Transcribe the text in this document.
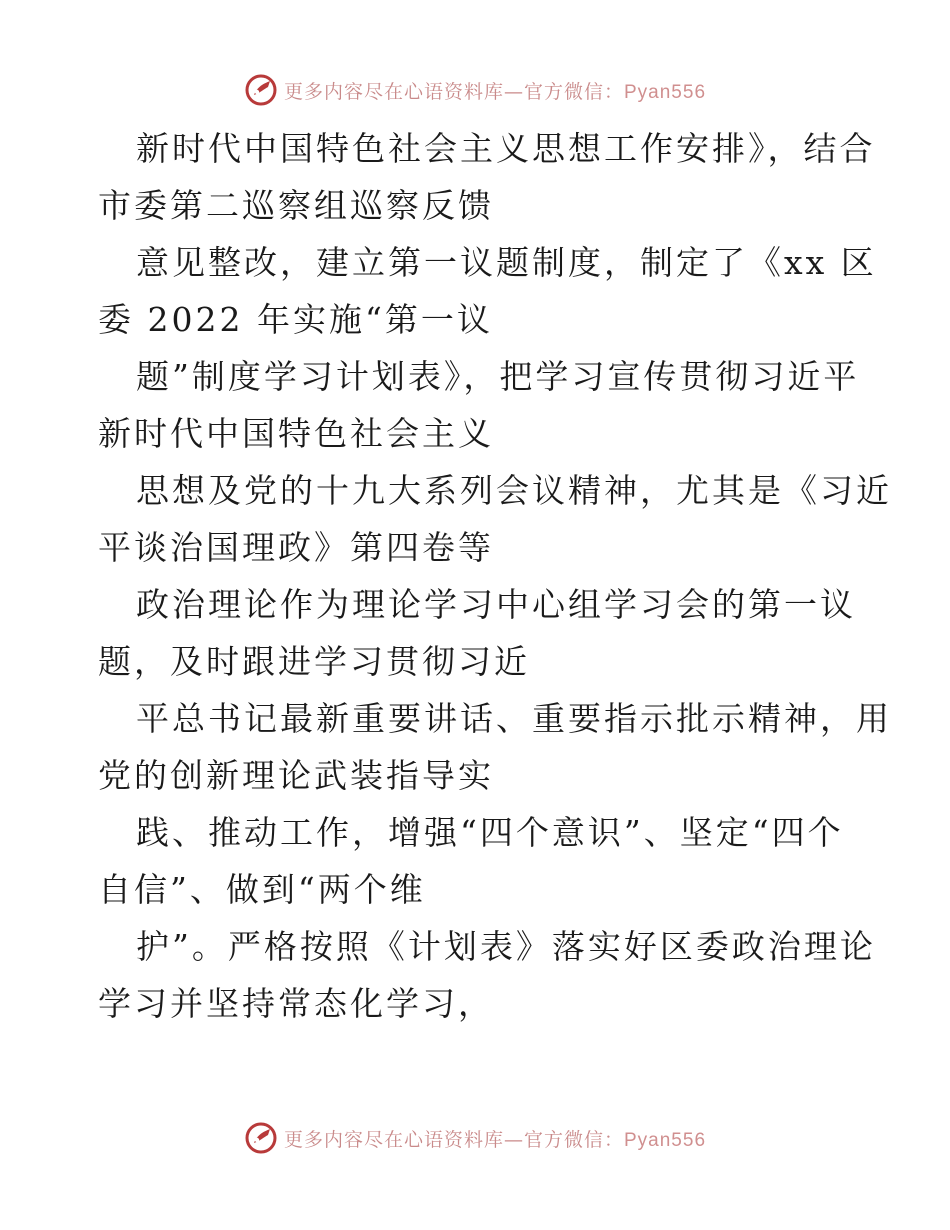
更多内容尽在心语资料库—官方微信：Pyan556
新时代中国特色社会主义思想工作安排》，结合
市委第二巡察组巡察反馈
意见整改，建立第一议题制度，制定了《xx 区
委 2022 年实施“第一议
题”制度学习计划表》，把学习宣传贯彻习近平
新时代中国特色社会主义
思想及党的十九大系列会议精神，尤其是《习近
平谈治国理政》第四卷等
政治理论作为理论学习中心组学习会的第一议
题，及时跟进学习贯彻习近
平总书记最新重要讲话、重要指示批示精神，用
党的创新理论武装指导实
践、推动工作，增强“四个意识”、坚定“四个
自信”、做到“两个维
护”。严格按照《计划表》落实好区委政治理论
学习并坚持常态化学习，
更多内容尽在心语资料库—官方微信：Pyan556
